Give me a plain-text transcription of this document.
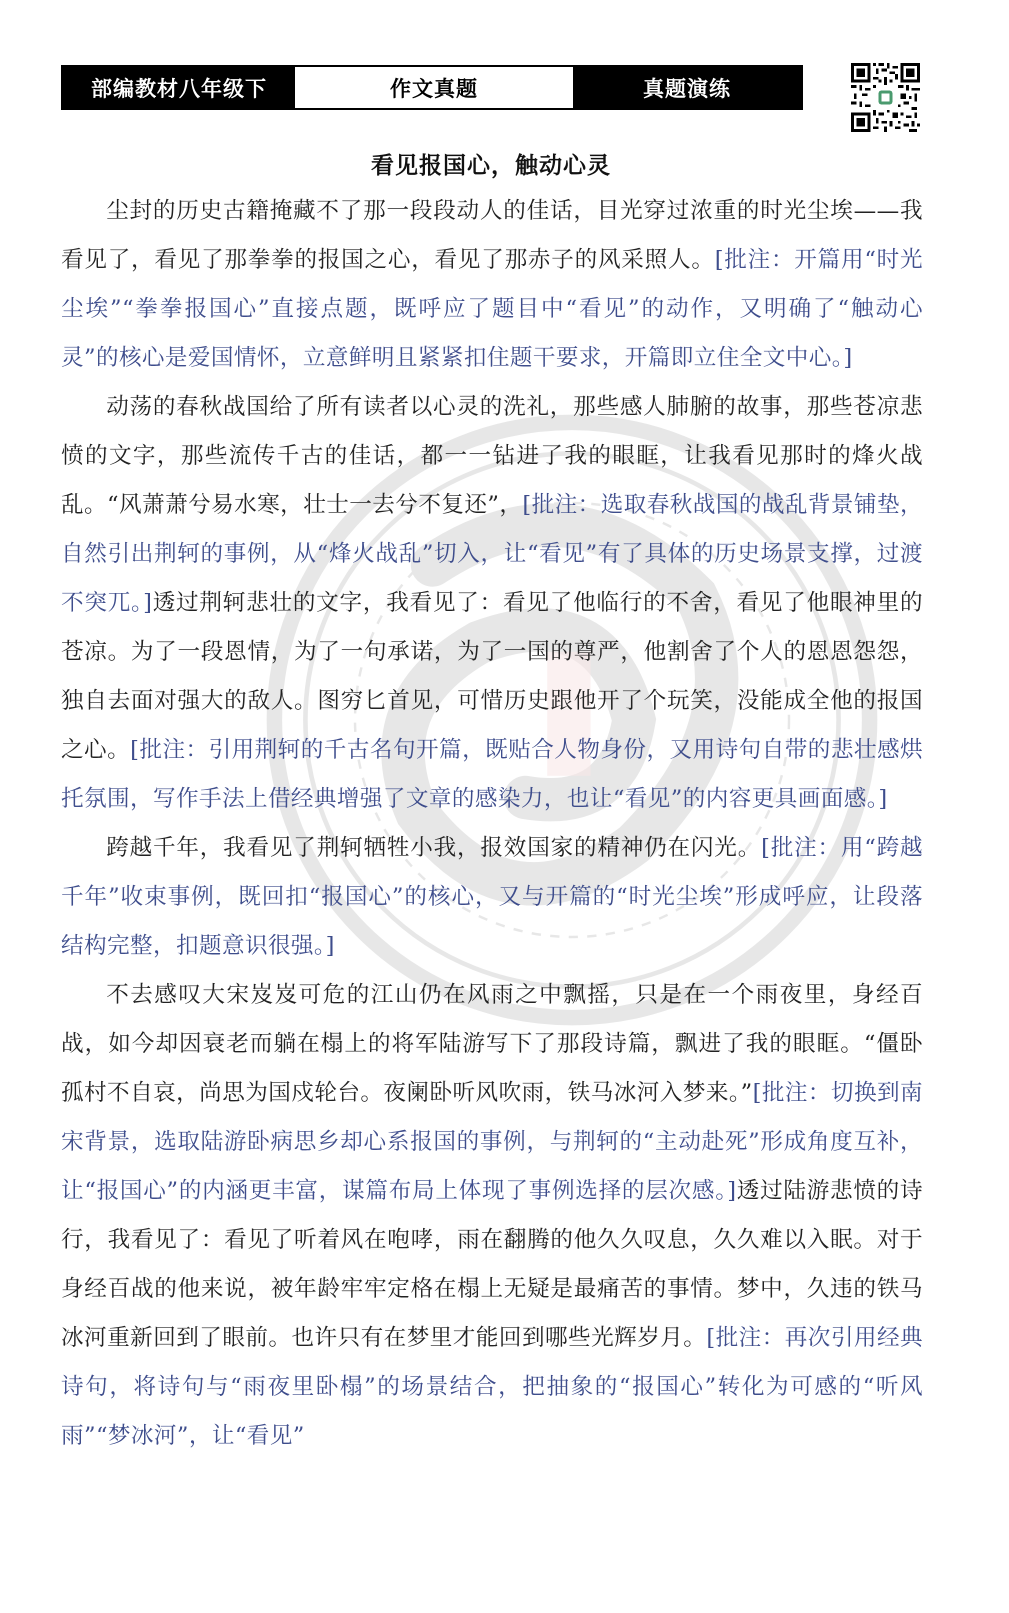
部编教材八年级下	作文真题	真题演练
看见报国心，触动心灵

尘封的历史古籍掩藏不了那一段段动人的佳话，目光穿过浓重的时光尘埃——我看见了，看见了那拳拳的报国之心，看见了那赤子的风采照人。[批注：开篇用“时光尘埃”“拳拳报国心”直接点题，既呼应了题目中“看见”的动作，又明确了“触动心灵”的核心是爱国情怀，立意鲜明且紧紧扣住题干要求，开篇即立住全文中心。]

动荡的春秋战国给了所有读者以心灵的洗礼，那些感人肺腑的故事，那些苍凉悲愤的文字，那些流传千古的佳话，都一一钻进了我的眼眶，让我看见那时的烽火战乱。“风萧萧兮易水寒，壮士一去兮不复还”，[批注：选取春秋战国的战乱背景铺垫，自然引出荆轲的事例，从“烽火战乱”切入，让“看见”有了具体的历史场景支撑，过渡不突兀。]透过荆轲悲壮的文字，我看见了：看见了他临行的不舍，看见了他眼神里的苍凉。为了一段恩情，为了一句承诺，为了一国的尊严，他割舍了个人的恩恩怨怨，独自去面对强大的敌人。图穷匕首见，可惜历史跟他开了个玩笑，没能成全他的报国之心。[批注：引用荆轲的千古名句开篇，既贴合人物身份，又用诗句自带的悲壮感烘托氛围，写作手法上借经典增强了文章的感染力，也让“看见”的内容更具画面感。]

跨越千年，我看见了荆轲牺牲小我，报效国家的精神仍在闪光。[批注：用“跨越千年”收束事例，既回扣“报国心”的核心，又与开篇的“时光尘埃”形成呼应，让段落结构完整，扣题意识很强。]

不去感叹大宋岌岌可危的江山仍在风雨之中飘摇，只是在一个雨夜里，身经百战，如今却因衰老而躺在榻上的将军陆游写下了那段诗篇，飘进了我的眼眶。“僵卧孤村不自哀，尚思为国戍轮台。夜阑卧听风吹雨，铁马冰河入梦来。”[批注：切换到南宋背景，选取陆游卧病思乡却心系报国的事例，与荆轲的“主动赴死”形成角度互补，让“报国心”的内涵更丰富，谋篇布局上体现了事例选择的层次感。]透过陆游悲愤的诗行，我看见了：看见了听着风在咆哮，雨在翻腾的他久久叹息，久久难以入眠。对于身经百战的他来说，被年龄牢牢定格在榻上无疑是最痛苦的事情。梦中，久违的铁马冰河重新回到了眼前。也许只有在梦里才能回到哪些光辉岁月。[批注：再次引用经典诗句，将诗句与“雨夜里卧榻”的场景结合，把抽象的“报国心”转化为可感的“听风雨”“梦冰河”，让“看见”
